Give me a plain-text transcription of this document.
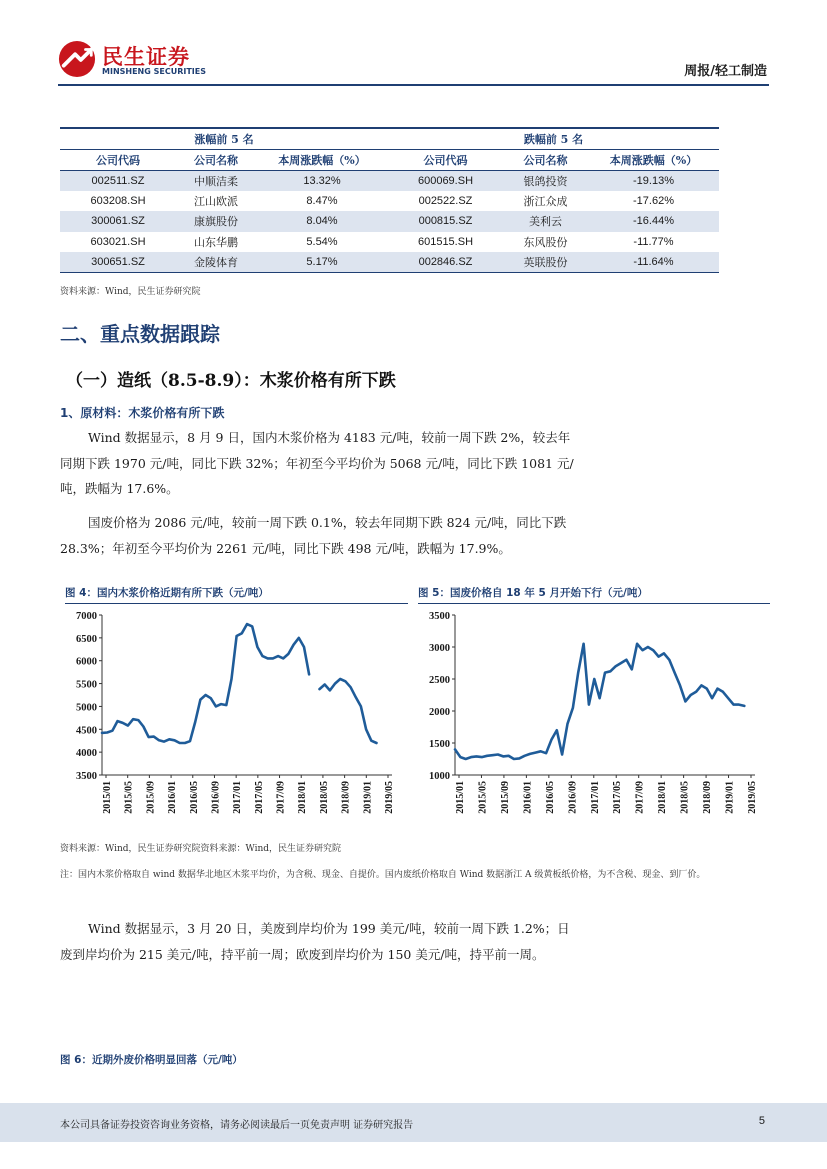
民生证券
MINSHENG SECURITIES	周报/轻工制造
涨幅前 5 名			跌幅前 5 名		
公司代码	公司名称	本周涨跌幅（%）	公司代码	公司名称	本周涨跌幅（%）
002511.SZ	中顺洁柔	13.32%	600069.SH	银鸽投资	-19.13%
603208.SH	江山欧派	8.47%	002522.SZ	浙江众成	-17.62%
300061.SZ	康旗股份	8.04%	000815.SZ	美利云	-16.44%
603021.SH	山东华鹏	5.54%	601515.SH	东风股份	-11.77%
300651.SZ	金陵体育	5.17%	002846.SZ	英联股份	-11.64%
资料来源：Wind，民生证券研究院
二、重点数据跟踪
（一）造纸（8.5-8.9）：木浆价格有所下跌
1、原材料：木浆价格有所下跌
Wind 数据显示，8 月 9 日，国内木浆价格为 4183 元/吨，较前一周下跌 2%，较去年
同期下跌 1970 元/吨，同比下跌 32%；年初至今平均价为 5068 元/吨，同比下跌 1081 元/
吨，跌幅为 17.6%。
国废价格为 2086 元/吨，较前一周下跌 0.1%，较去年同期下跌 824 元/吨，同比下跌
28.3%；年初至今平均价为 2261 元/吨，同比下跌 498 元/吨，跌幅为 17.9%。
图 4：国内木浆价格近期有所下跌（元/吨）	图 5：国废价格自 18 年 5 月开始下行（元/吨）
7000
6500
6000
5500
5000
4500
4000
3500
2015/01 2015/05 2015/09 2016/01 2016/05 2016/09 2017/01 2017/05 2017/09 2018/01 2018/05 2018/09 2019/01 2019/05
3500
3000
2500
2000
1500
1000
2015/01 2015/05 2015/09 2016/01 2016/05 2016/09 2017/01 2017/05 2017/09 2018/01 2018/05 2018/09 2019/01 2019/05
资料来源：Wind，民生证券研究院资料来源：Wind，民生证券研究院
注：国内木浆价格取自 wind 数据华北地区木浆平均价，为含税、现金、自提价。国内废纸价格取自 Wind 数据浙江 A 级黄板纸价格，为不含税、现金、到厂价。
Wind 数据显示，3 月 20 日，美废到岸均价为 199 美元/吨，较前一周下跌 1.2%；日
废到岸均价为 215 美元/吨，持平前一周；欧废到岸均价为 150 美元/吨，持平前一周。
图 6：近期外废价格明显回落（元/吨）
本公司具备证券投资咨询业务资格，请务必阅读最后一页免责声明 证券研究报告	5
